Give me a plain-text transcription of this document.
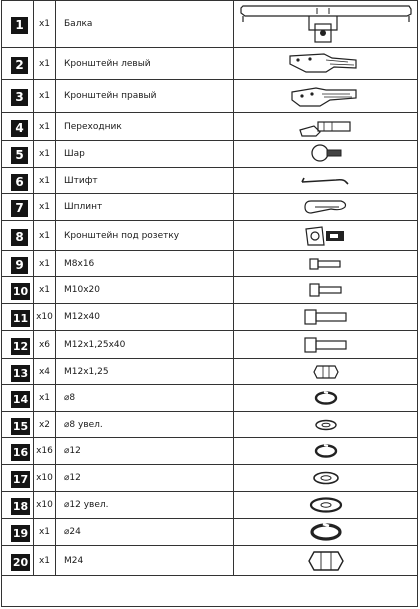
1	x1	Балка	

2	x1	Кронштейн левый	

3	x1	Кронштейн правый	

4	x1	Переходник	

5	x1	Шар	

6	x1	Штифт	

7	x1	Шплинт	

8	x1	Кронштейн под розетку	

9	x1	M8x16	

10	x1	M10x20	

11	x10	M12x40	

12	x6	M12x1,25x40	

13	x4	M12x1,25	

14	x1	⌀8	

15	x2	⌀8 увел.	

16	x16	⌀12	

17	x10	⌀12	

18	x10	⌀12 увел.	

19	x1	⌀24	

20	x1	M24	
